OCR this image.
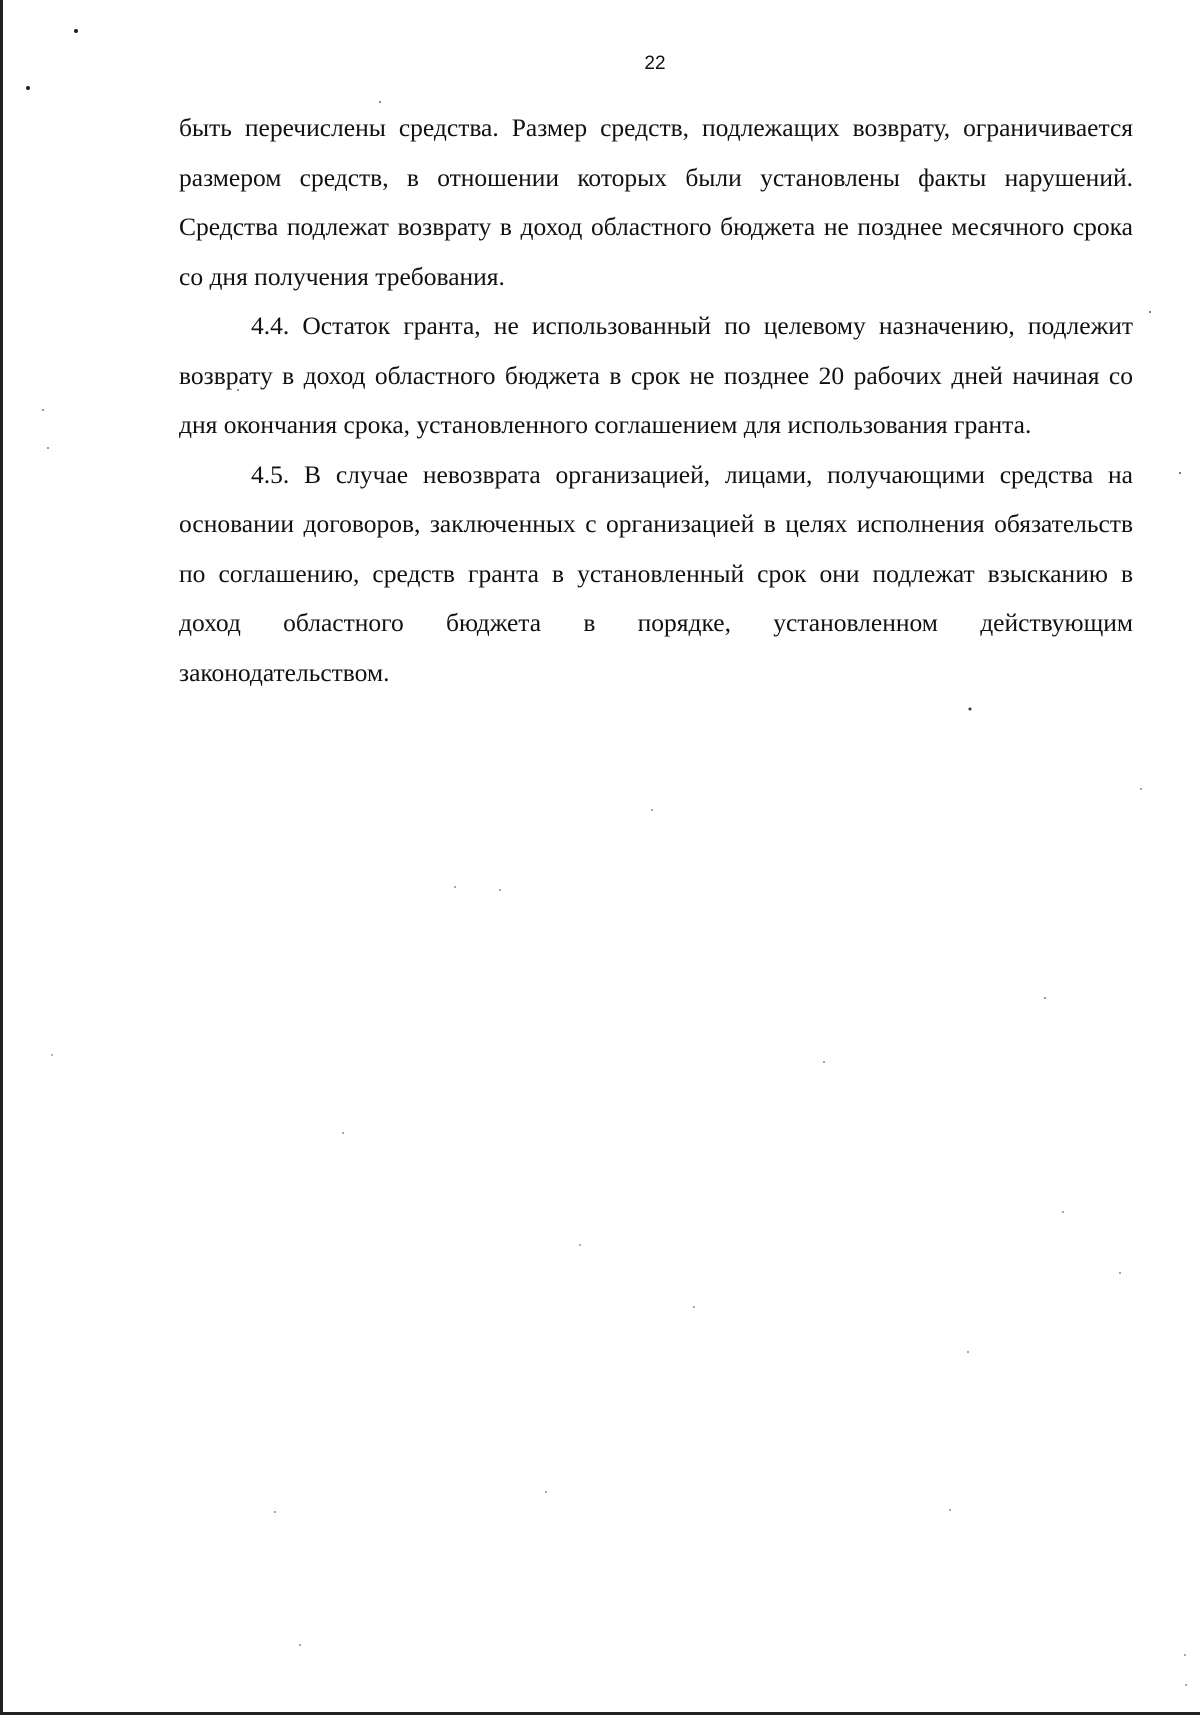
22

быть перечислены средства. Размер средств, подлежащих возврату, ограничивается размером средств, в отношении которых были установлены факты нарушений. Средства подлежат возврату в доход областного бюджета не позднее месячного срока со дня получения требования.

4.4. Остаток гранта, не использованный по целевому назначению, подлежит возврату в доход областного бюджета в срок не позднее 20 рабочих дней начиная со дня окончания срока, установленного соглашением для использования гранта.

4.5. В случае невозврата организацией, лицами, получающими средства на основании договоров, заключенных с организацией в целях исполнения обязательств по соглашению, средств гранта в установленный срок они подлежат взысканию в доход областного бюджета в порядке, установленном действующим законодательством.
